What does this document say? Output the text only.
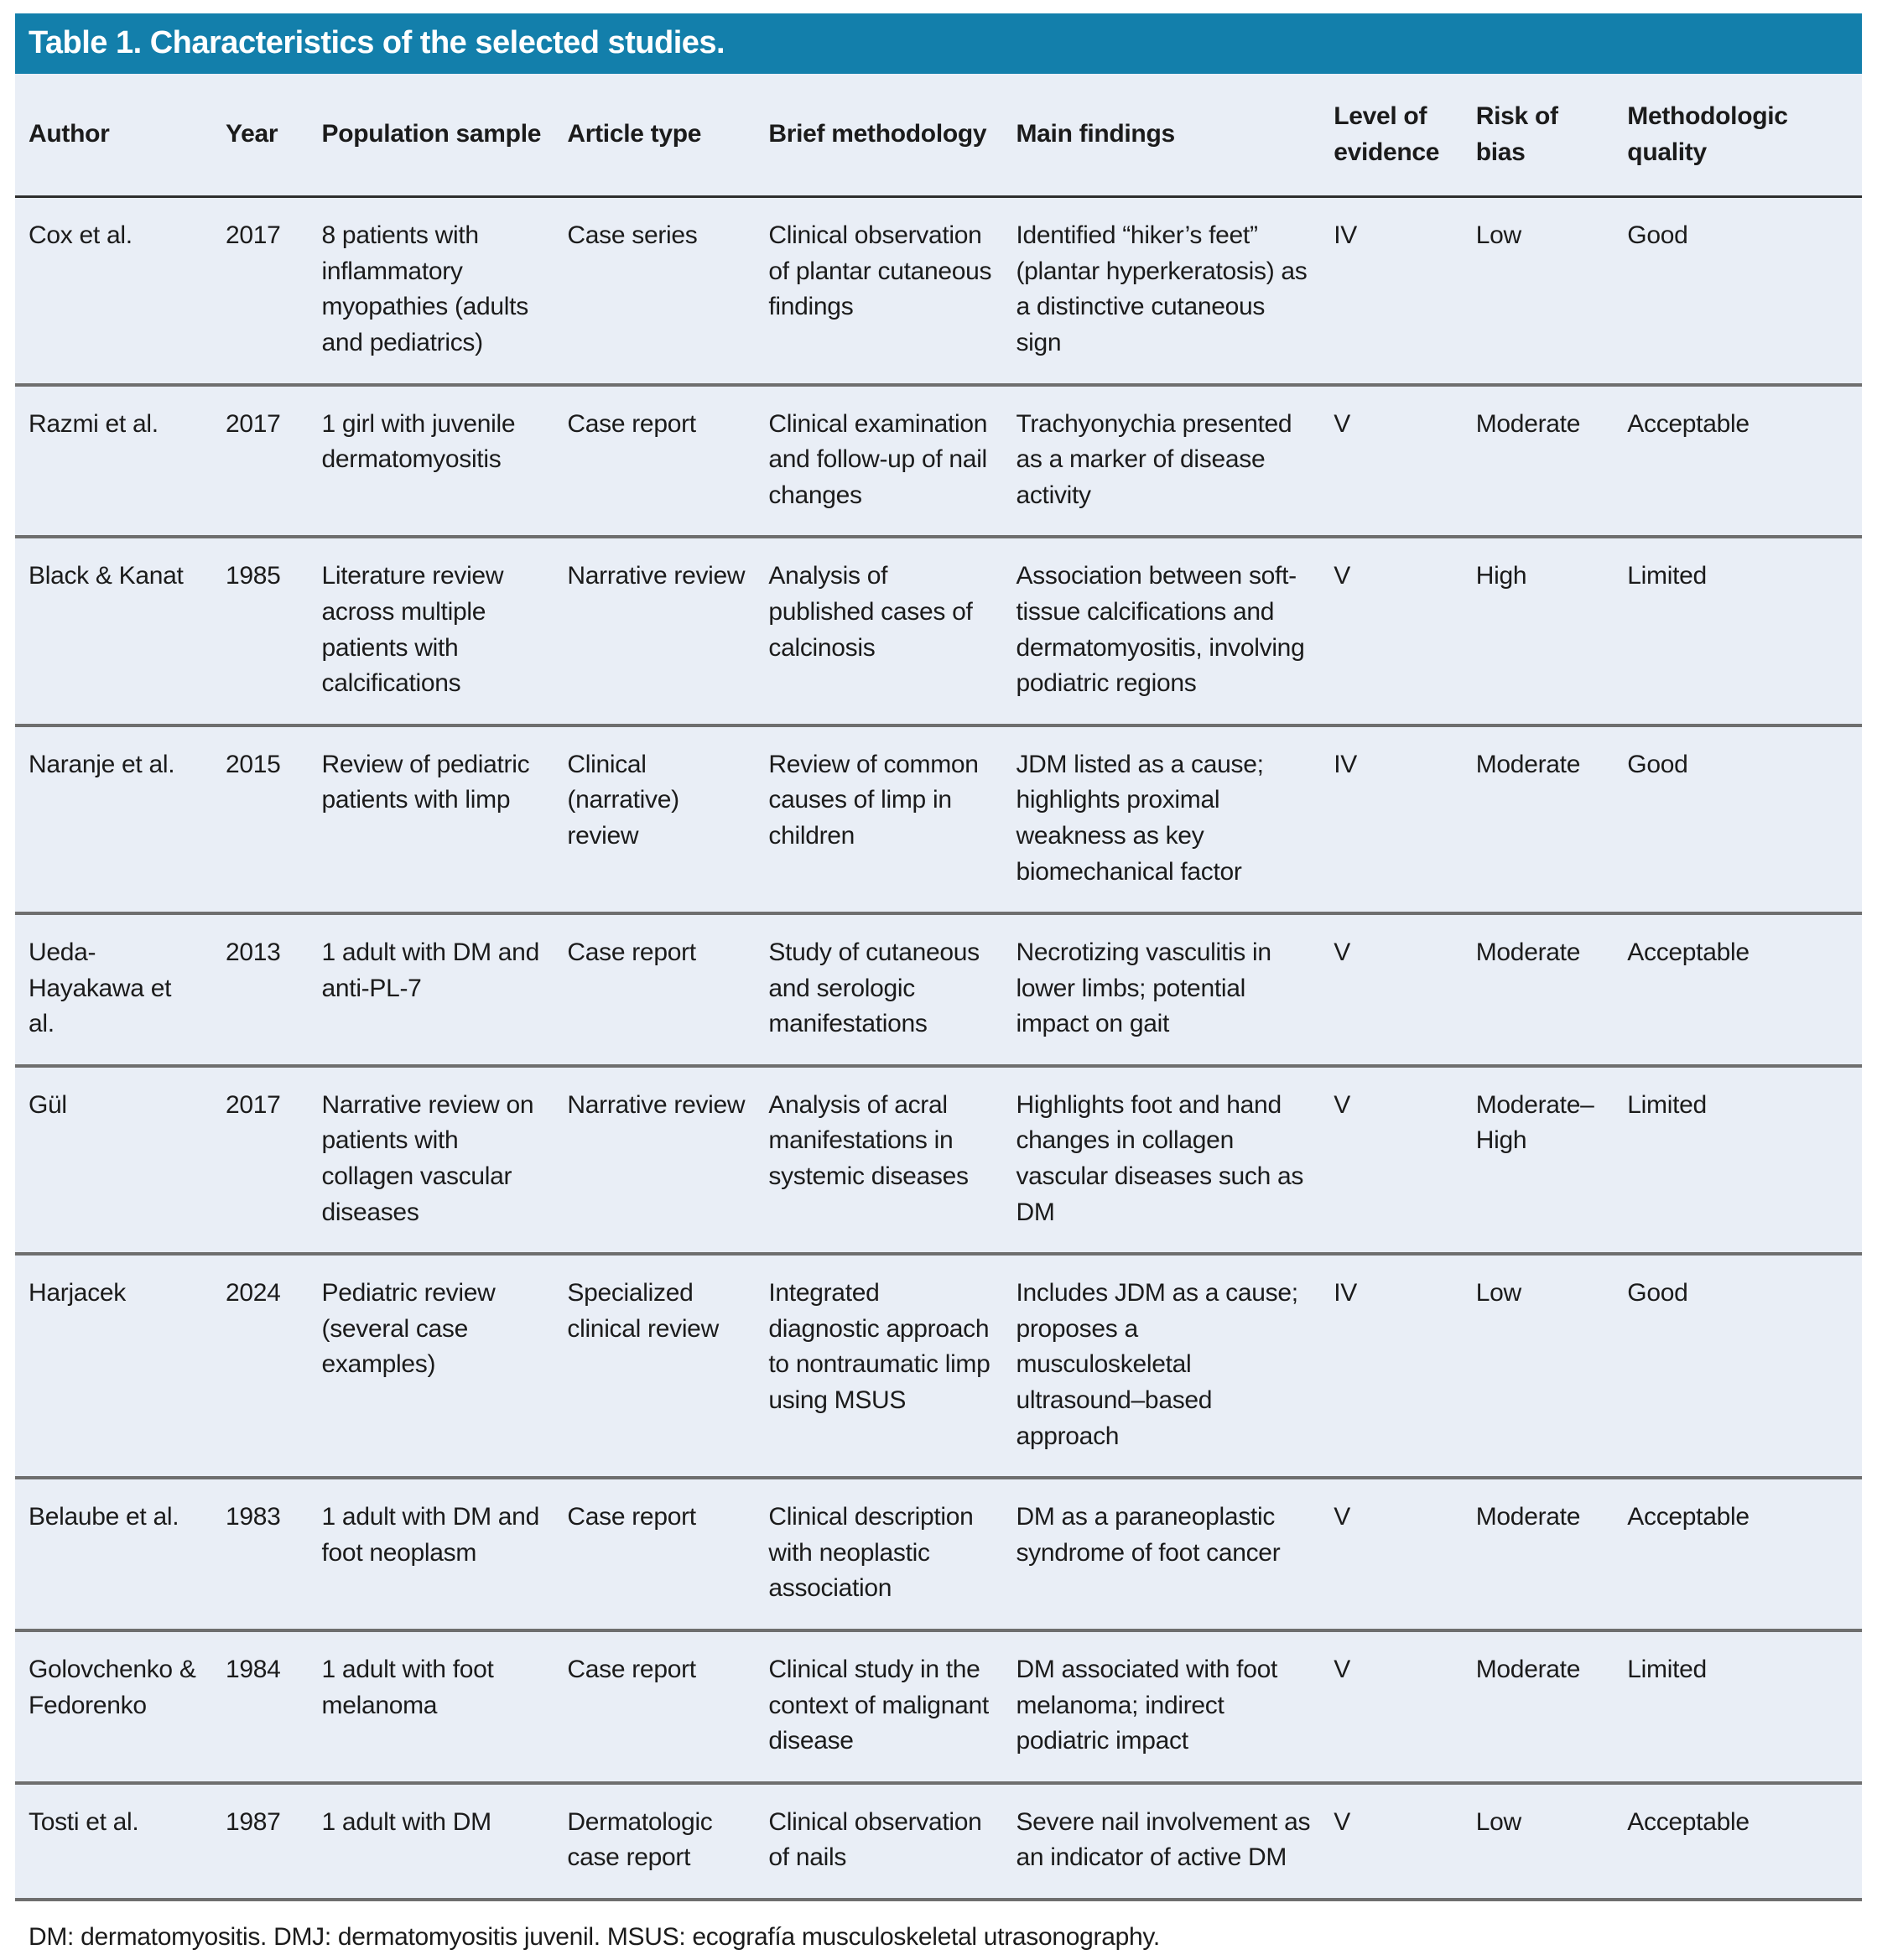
Table 1. Characteristics of the selected studies.
Author	Year	Population sample	Article type	Brief methodology	Main findings	Level of evidence	Risk of bias	Methodologic quality
Cox et al.	2017	8 patients with inflammatory myopathies (adults and pediatrics)	Case series	Clinical observation of plantar cutaneous findings	Identified “hiker’s feet” (plantar hyperkeratosis) as a distinctive cutaneous sign	IV	Low	Good
Razmi et al.	2017	1 girl with juvenile dermatomyositis	Case report	Clinical examination and follow-up of nail changes	Trachyonychia presented as a marker of disease activity	V	Moderate	Acceptable
Black & Kanat	1985	Literature review across multiple patients with calcifications	Narrative review	Analysis of published cases of calcinosis	Association between soft-tissue calcifications and dermatomyositis, involving podiatric regions	V	High	Limited
Naranje et al.	2015	Review of pediatric patients with limp	Clinical (narrative) review	Review of common causes of limp in children	JDM listed as a cause; highlights proximal weakness as key biomechanical factor	IV	Moderate	Good
Ueda-Hayakawa et al.	2013	1 adult with DM and anti-PL-7	Case report	Study of cutaneous and serologic manifestations	Necrotizing vasculitis in lower limbs; potential impact on gait	V	Moderate	Acceptable
Gül	2017	Narrative review on patients with collagen vascular diseases	Narrative review	Analysis of acral manifestations in systemic diseases	Highlights foot and hand changes in collagen vascular diseases such as DM	V	Moderate–High	Limited
Harjacek	2024	Pediatric review (several case examples)	Specialized clinical review	Integrated diagnostic approach to nontraumatic limp using MSUS	Includes JDM as a cause; proposes a musculoskeletal ultrasound–based approach	IV	Low	Good
Belaube et al.	1983	1 adult with DM and foot neoplasm	Case report	Clinical description with neoplastic association	DM as a paraneoplastic syndrome of foot cancer	V	Moderate	Acceptable
Golovchenko & Fedorenko	1984	1 adult with foot melanoma	Case report	Clinical study in the context of malignant disease	DM associated with foot melanoma; indirect podiatric impact	V	Moderate	Limited
Tosti et al.	1987	1 adult with DM	Dermatologic case report	Clinical observation of nails	Severe nail involvement as an indicator of active DM	V	Low	Acceptable
DM: dermatomyositis. DMJ: dermatomyositis juvenil. MSUS: ecografía musculoskeletal utrasonography.
